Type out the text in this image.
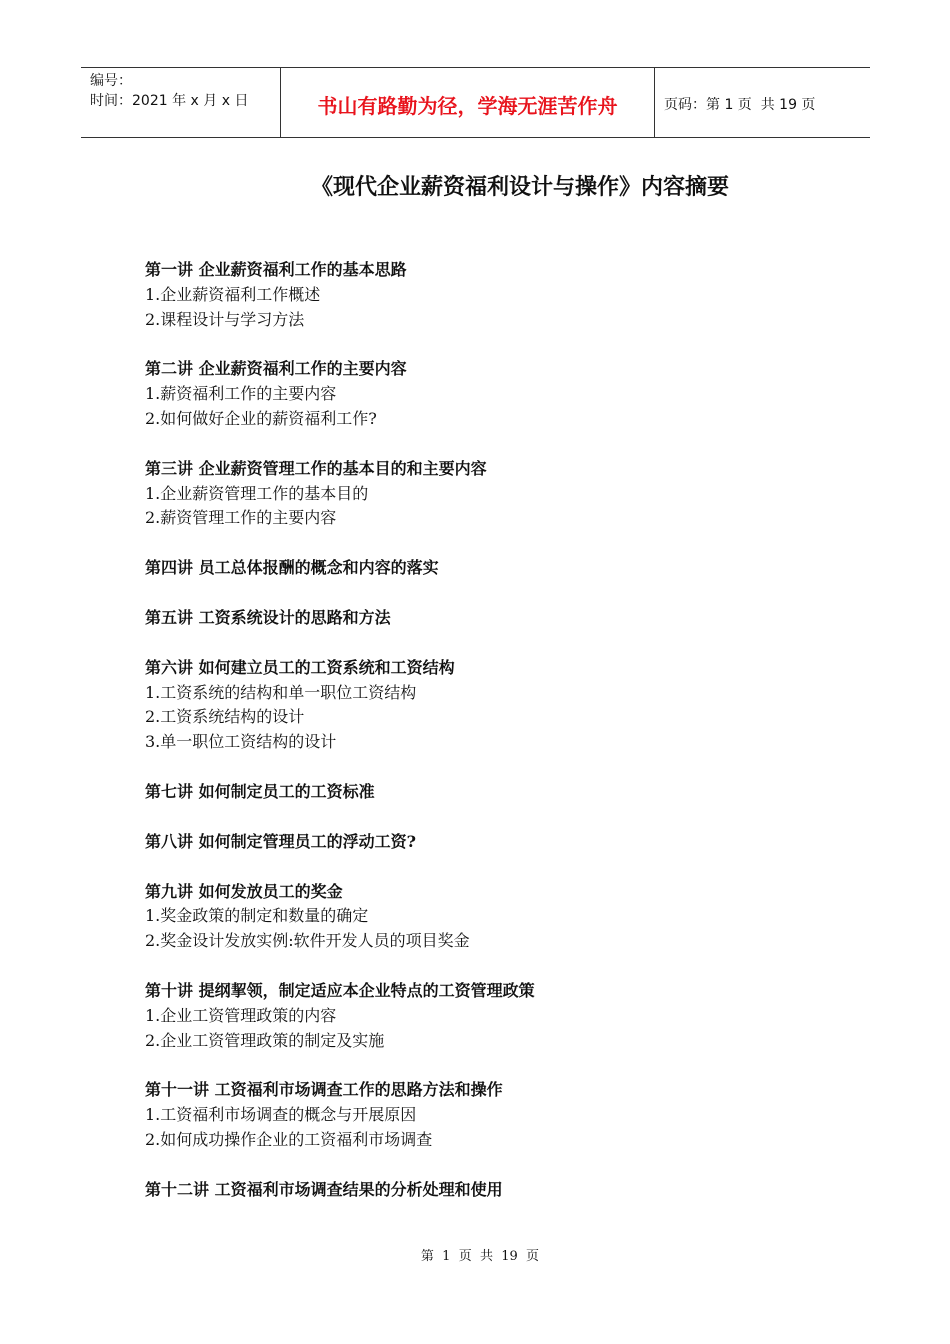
编号：
时间：2021 年 x 月 x 日	书山有路勤为径，学海无涯苦作舟	页码：第 1 页  共 19 页
《现代企业薪资福利设计与操作》内容摘要
第一讲 企业薪资福利工作的基本思路
1.企业薪资福利工作概述
2.课程设计与学习方法
第二讲 企业薪资福利工作的主要内容
1.薪资福利工作的主要内容
2.如何做好企业的薪资福利工作?
第三讲 企业薪资管理工作的基本目的和主要内容
1.企业薪资管理工作的基本目的
2.薪资管理工作的主要内容
第四讲 员工总体报酬的概念和内容的落实
第五讲 工资系统设计的思路和方法
第六讲 如何建立员工的工资系统和工资结构
1.工资系统的结构和单一职位工资结构
2.工资系统结构的设计
3.单一职位工资结构的设计
第七讲 如何制定员工的工资标准
第八讲 如何制定管理员工的浮动工资?
第九讲 如何发放员工的奖金
1.奖金政策的制定和数量的确定
2.奖金设计发放实例:软件开发人员的项目奖金
第十讲 提纲挈领，制定适应本企业特点的工资管理政策
1.企业工资管理政策的内容
2.企业工资管理政策的制定及实施
第十一讲 工资福利市场调查工作的思路方法和操作
1.工资福利市场调查的概念与开展原因
2.如何成功操作企业的工资福利市场调查
第十二讲 工资福利市场调查结果的分析处理和使用
第  1  页  共  19  页
